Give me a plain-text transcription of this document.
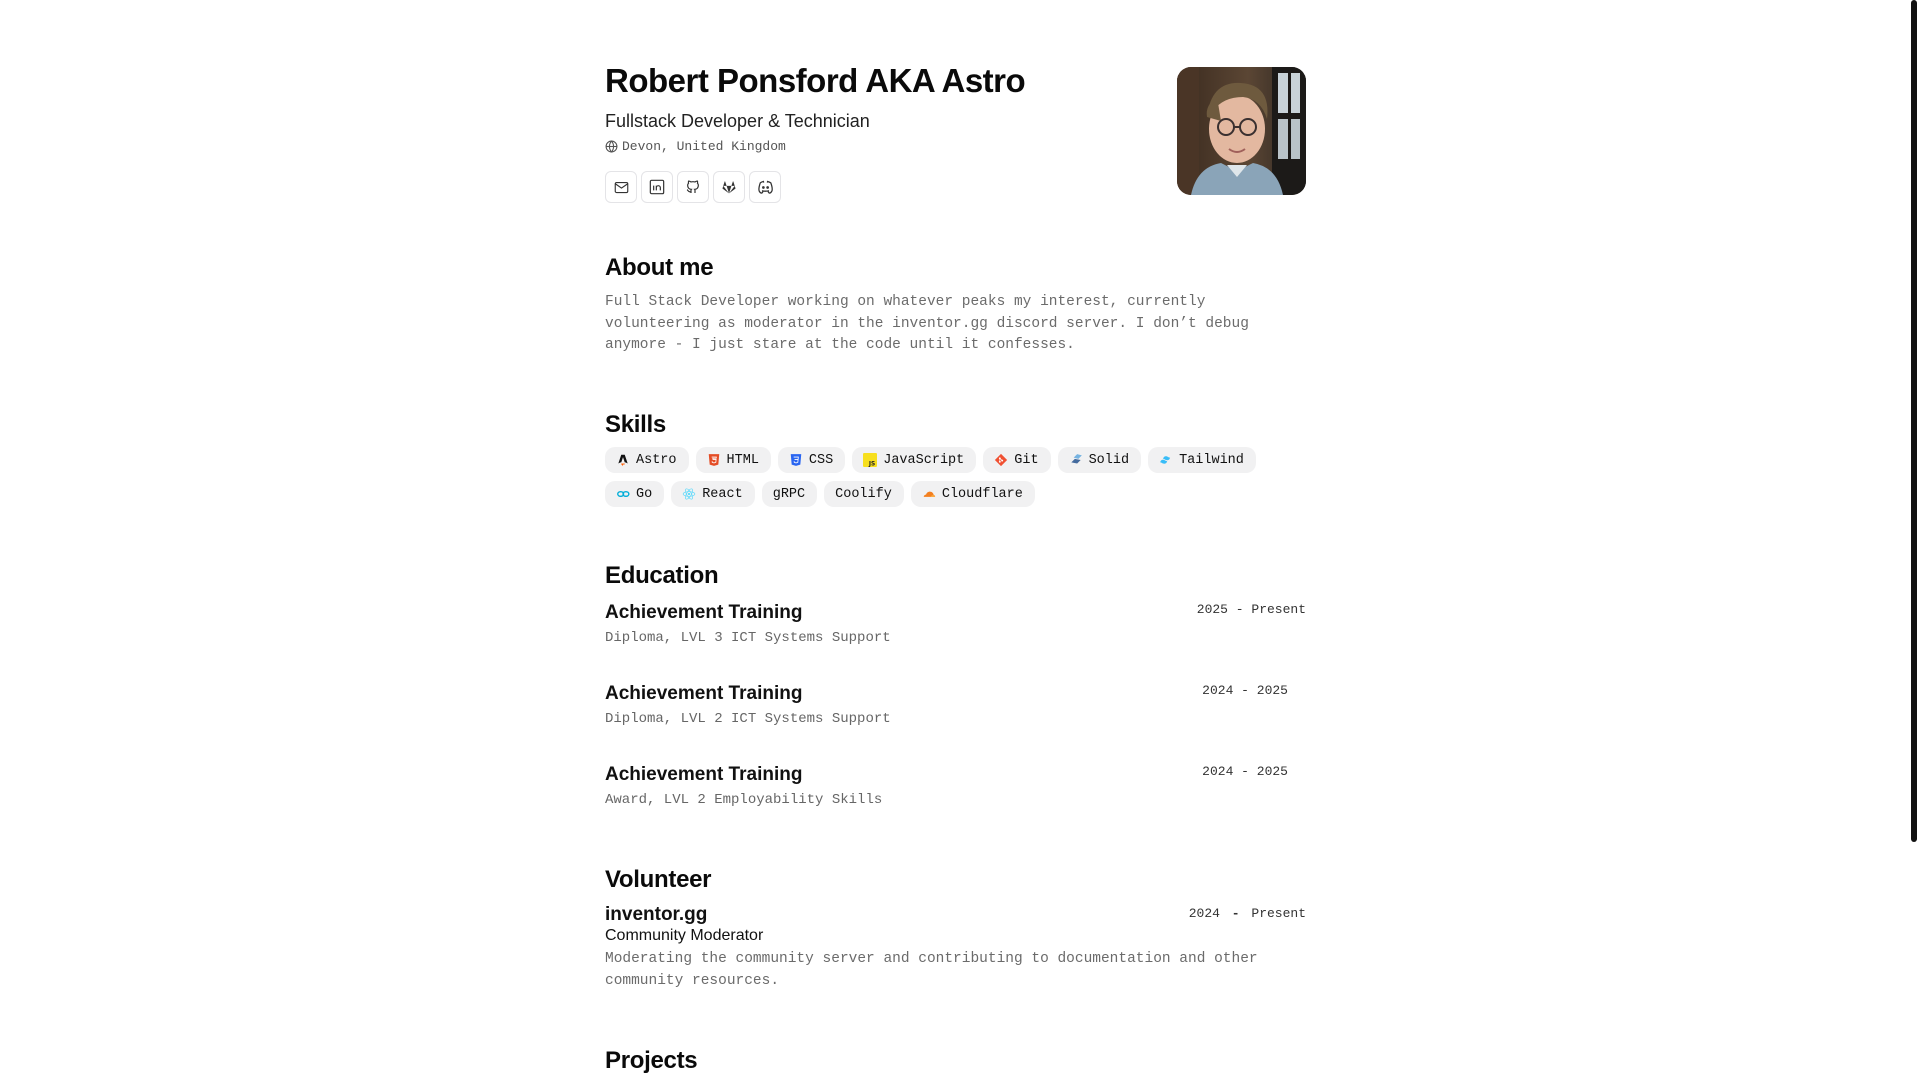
Robert Ponsford AKA Astro
Fullstack Developer & Technician
Devon, United Kingdom
About me

Full Stack Developer working on whatever peaks my interest, currently volunteering as moderator in the inventor.gg discord server. I don’t debug anymore - I just stare at the code until it confesses.

Skills
Astro	HTML	CSS	JS JavaScript	Git	Solid	Tailwind
Go	React gRPC Coolify	Cloudflare
Education
Achievement Training
Diploma, LVL 3 ICT Systems Support
2025 - Present
Achievement Training
Diploma, LVL 2 ICT Systems Support
2024 - 2025
Achievement Training
Award, LVL 2 Employability Skills
2024 - 2025
Volunteer
inventor.gg
Community Moderator

Moderating the community server and contributing to documentation and other community resources.

2024 - Present
Projects
